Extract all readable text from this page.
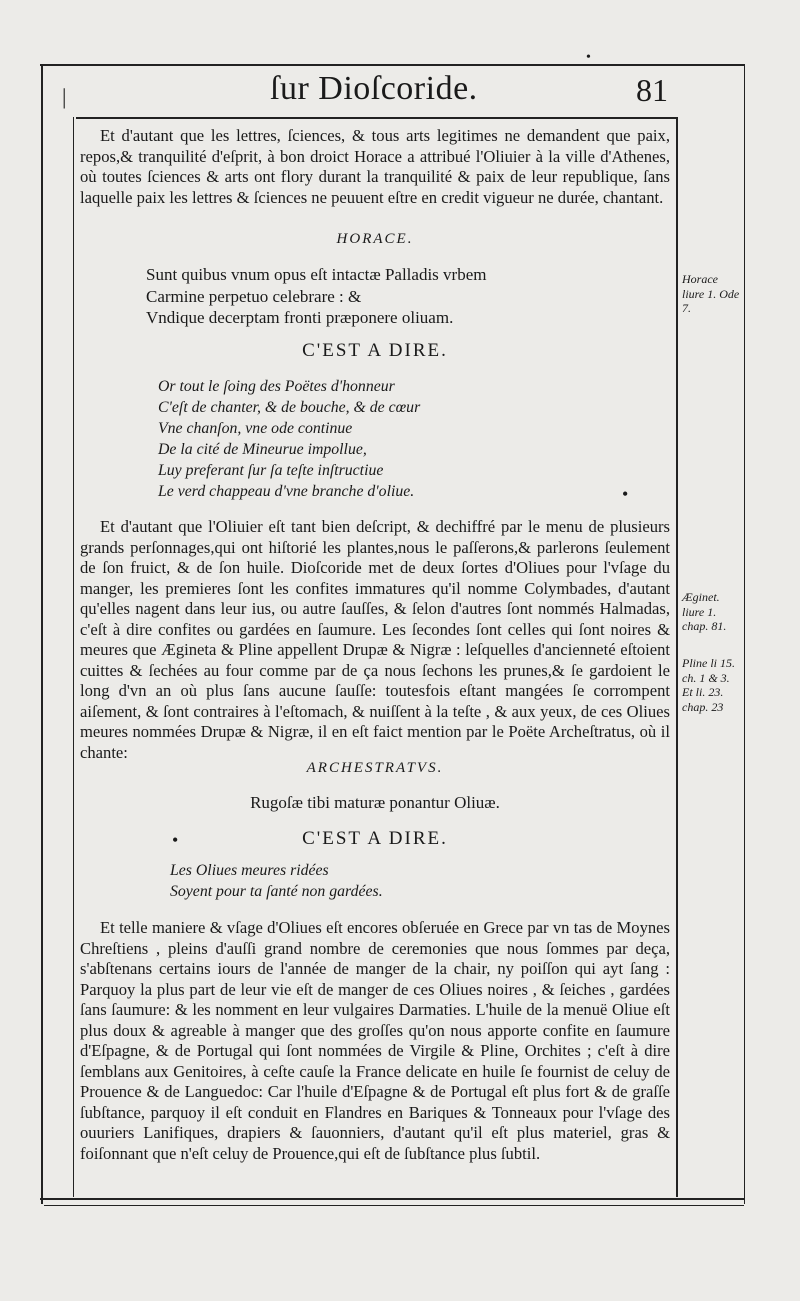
•
|	ſur Dioſcoride.	81

Et d'autant que les lettres, ſciences, & tous arts legitimes ne demandent que paix, repos,& tranquilité d'eſprit, à bon droict Horace a attribué l'Oliuier à la ville d'Athenes, où toutes ſciences & arts ont flory durant la tranquilité & paix de leur republique, ſans laquelle paix les lettres & ſciences ne peuuent eſtre en credit vigueur ne durée, chantant.

HORACE.

Sunt quibus vnum opus eſt intactæ Palladis vrbem

Carmine perpetuo celebrare : &

Vndique decerptam fronti præponere oliuam.

C'EST A DIRE.

Or tout le ſoing des Poëtes d'honneur

C'eſt de chanter, & de bouche, & de cœur

Vne chanſon, vne ode continue

De la cité de Mineurue impollue,

Luy preferant ſur ſa teſte inſtructiue

Le verd chappeau d'vne branche d'oliue.	•

Et d'autant que l'Oliuier eſt tant bien deſcript, & dechiffré par le menu de plusieurs grands perſonnages,qui ont hiſtorié les plantes,nous le paſſerons,& parlerons ſeulement de ſon fruict, & de ſon huile. Dioſcoride met de deux ſortes d'Oliues pour l'vſage du manger, les premieres ſont les confites immatures qu'il nomme Colymbades, d'autant qu'elles nagent dans leur ius, ou autre ſauſſes, & ſelon d'autres ſont nommés Halmadas, c'eſt à dire confites ou gardées en ſaumure. Les ſecondes ſont celles qui ſont noires & meures que Ægineta & Pline appellent Drupæ & Nigræ : leſquelles d'ancienneté eſtoient cuittes & ſechées au four comme par de ça nous ſechons les prunes,& ſe gardoient le long d'vn an où plus ſans aucune ſauſſe: toutesfois eſtant mangées ſe corrompent aiſement, & ſont contraires à l'eſtomach, & nuiſſent à la teſte , & aux yeux, de ces Oliues meures nommées Drupæ & Nigræ, il en eſt faict mention par le Poëte Archeſtratus, où il chante:

ARCHESTRATVS.
Rugoſæ tibi maturæ ponantur Oliuæ.
C'EST A DIRE.
•

Les Oliues meures ridées

Soyent pour ta ſanté non gardées.

Et telle maniere & vſage d'Oliues eſt encores obſeruée en Grece par vn tas de Moynes Chreſtiens , pleins d'auſſi grand nombre de ceremonies que nous ſommes par deça, s'abſtenans certains iours de l'année de manger de la chair, ny poiſſon qui ayt ſang : Parquoy la plus part de leur vie eſt de manger de ces Oliues noires , & ſeiches , gardées ſans ſaumure: & les nomment en leur vulgaires Darmaties. L'huile de la menuë Oliue eſt plus doux & agreable à manger que des groſſes qu'on nous apporte confite en ſaumure d'Eſpagne, & de Portugal qui ſont nommées de Virgile & Pline, Orchites ; c'eſt à dire ſemblans aux Genitoires, à ceſte cauſe la France delicate en huile ſe fournist de celuy de Prouence & de Languedoc: Car l'huile d'Eſpagne & de Portugal eſt plus fort & de graſſe ſubſtance, parquoy il eſt conduit en Flandres en Bariques & Tonneaux pour l'vſage des ouuriers Lanifiques, drapiers & ſauonniers, d'autant qu'il eſt plus materiel, gras & foiſonnant que n'eſt celuy de Prouence,qui eſt de ſubſtance plus ſubtil.

Horace liure 1. Ode 7.
Æginet. liure 1. chap. 81.
Pline li 15. ch. 1 & 3. Et li. 23. chap. 23
